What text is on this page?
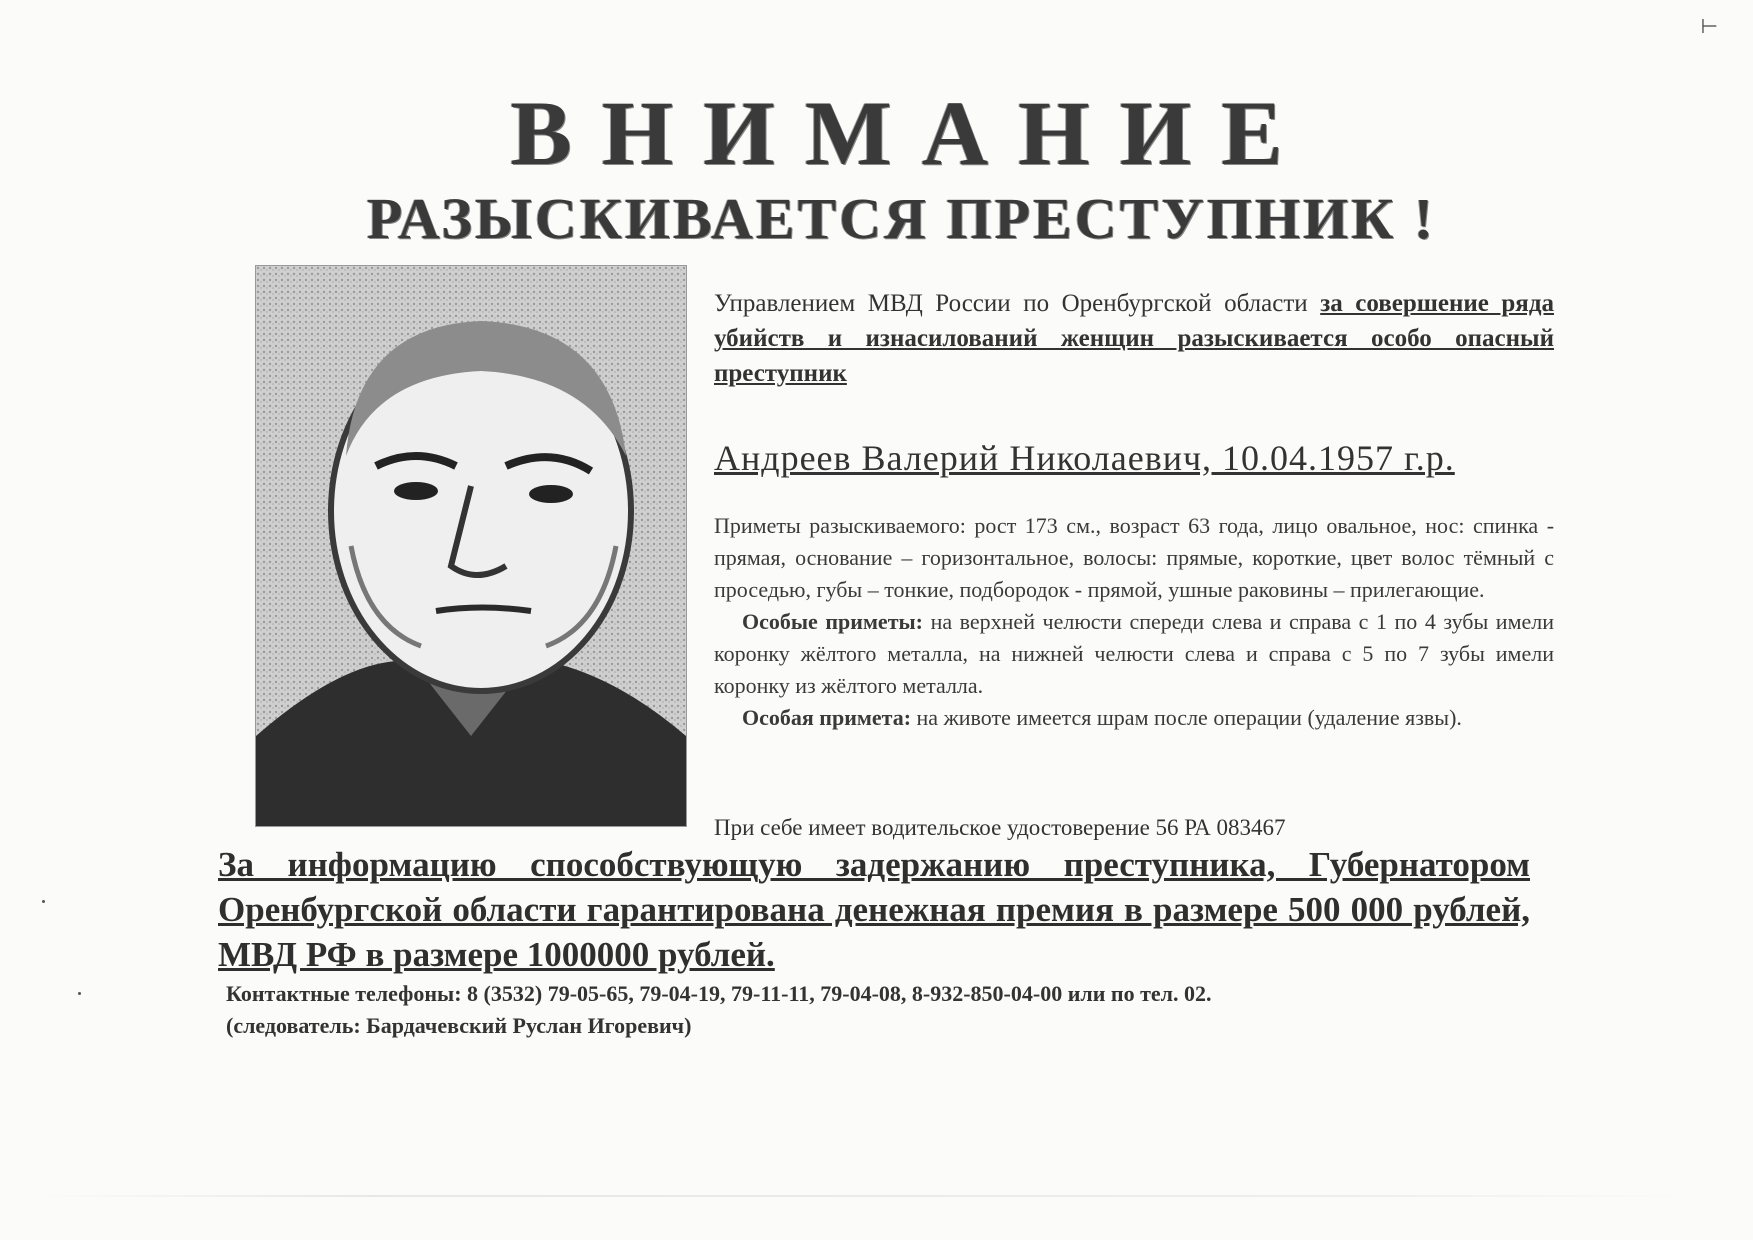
⊢
ВНИМАНИЕ
РАЗЫСКИВАЕТСЯ ПРЕСТУПНИК !
Управлением МВД России по Оренбургской области за совершение ряда убийств и изнасилований женщин разыскивается особо опасный преступник
Андреев Валерий Николаевич, 10.04.1957 г.р.

Приметы разыскиваемого: рост 173 см., возраст 63 года, лицо овальное, нос: спинка - прямая, основание – горизонтальное, волосы: прямые, короткие, цвет волос тёмный с проседью, губы – тонкие, подбородок - прямой, ушные раковины – прилегающие.

Особые приметы: на верхней челюсти спереди слева и справа с 1 по 4 зубы имели коронку жёлтого металла, на нижней челюсти слева и справа с 5 по 7 зубы имели коронку из жёлтого металла.

Особая примета: на животе имеется шрам после операции (удаление язвы).

При себе имеет водительское удостоверение 56 РА 083467
За информацию способствующую задержанию преступника, Губернатором Оренбургской области гарантирована денежная премия в размере 500 000 рублей, МВД РФ в размере 1000000 рублей.
Контактные телефоны: 8 (3532) 79-05-65, 79-04-19, 79-11-11, 79-04-08, 8-932-850-04-00 или по тел. 02.
(следователь: Бардачевский Руслан Игоревич)
